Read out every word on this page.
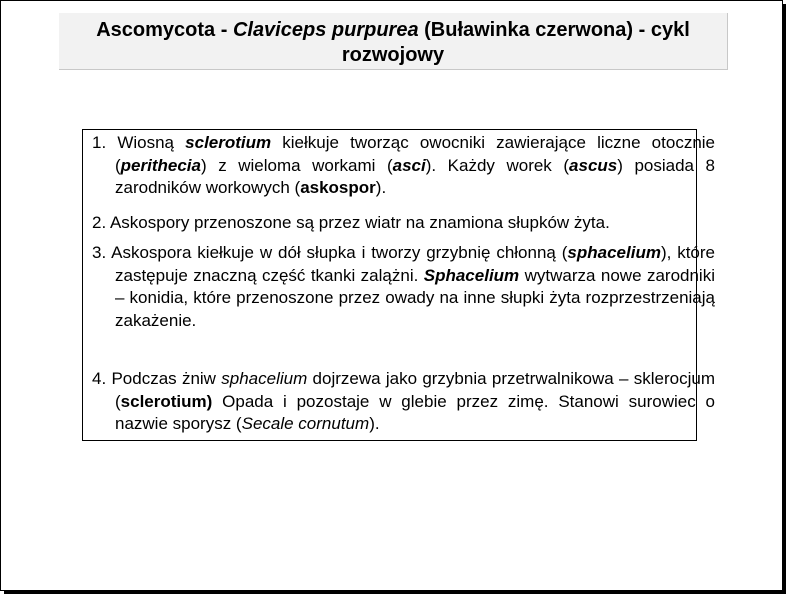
Ascomycota - Claviceps purpurea (Buławinka czerwona) - cykl rozwojowy

1. Wiosną sclerotium kiełkuje tworząc owocniki zawierające liczne otocznie (perithecia) z wieloma workami (asci). Każdy worek (ascus) posiada 8 zarodników workowych (askospor).

2. Askospory przenoszone są przez wiatr na znamiona słupków żyta.

3. Askospora kiełkuje w dół słupka i tworzy grzybnię chłonną (sphacelium), które zastępuje znaczną część tkanki zalążni. Sphacelium wytwarza nowe zarodniki – konidia, które przenoszone przez owady na inne słupki żyta rozprzestrzeniają zakażenie.

4. Podczas żniw sphacelium dojrzewa jako grzybnia przetrwalnikowa – sklerocjum (sclerotium) Opada i pozostaje w glebie przez zimę. Stanowi surowiec o nazwie sporysz (Secale cornutum).
